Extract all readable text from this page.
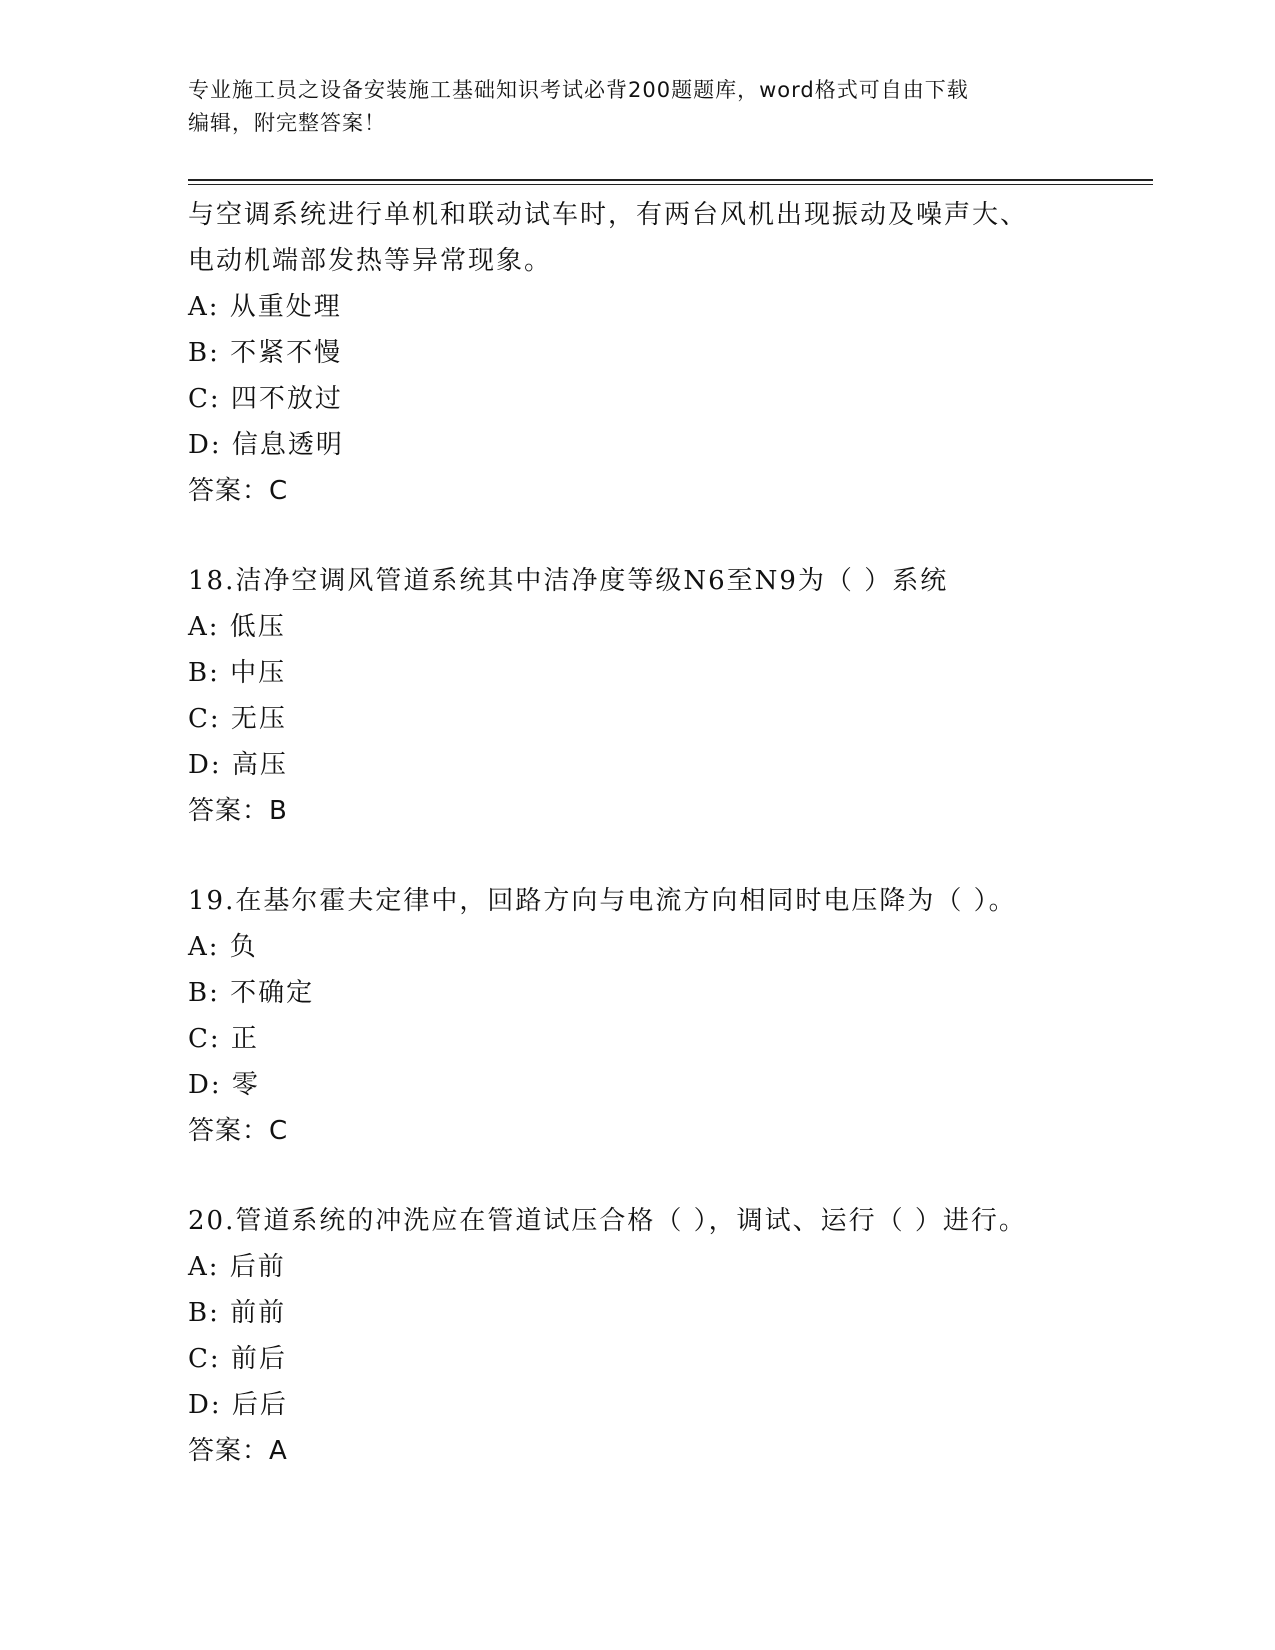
专业施工员之设备安装施工基础知识考试必背200题题库，word格式可自由下载
编辑，附完整答案！
与空调系统进行单机和联动试车时，有两台风机出现振动及噪声大、
电动机端部发热等异常现象。
A: 从重处理
B: 不紧不慢
C: 四不放过
D: 信息透明
答案：C
18.洁净空调风管道系统其中洁净度等级N6至N9为（ ）系统
A: 低压
B: 中压
C: 无压
D: 高压
答案：B
19.在基尔霍夫定律中，回路方向与电流方向相同时电压降为（ ）。
A: 负
B: 不确定
C: 正
D: 零
答案：C
20.管道系统的冲洗应在管道试压合格（ ），调试、运行（ ）进行。
A: 后前
B: 前前
C: 前后
D: 后后
答案：A
